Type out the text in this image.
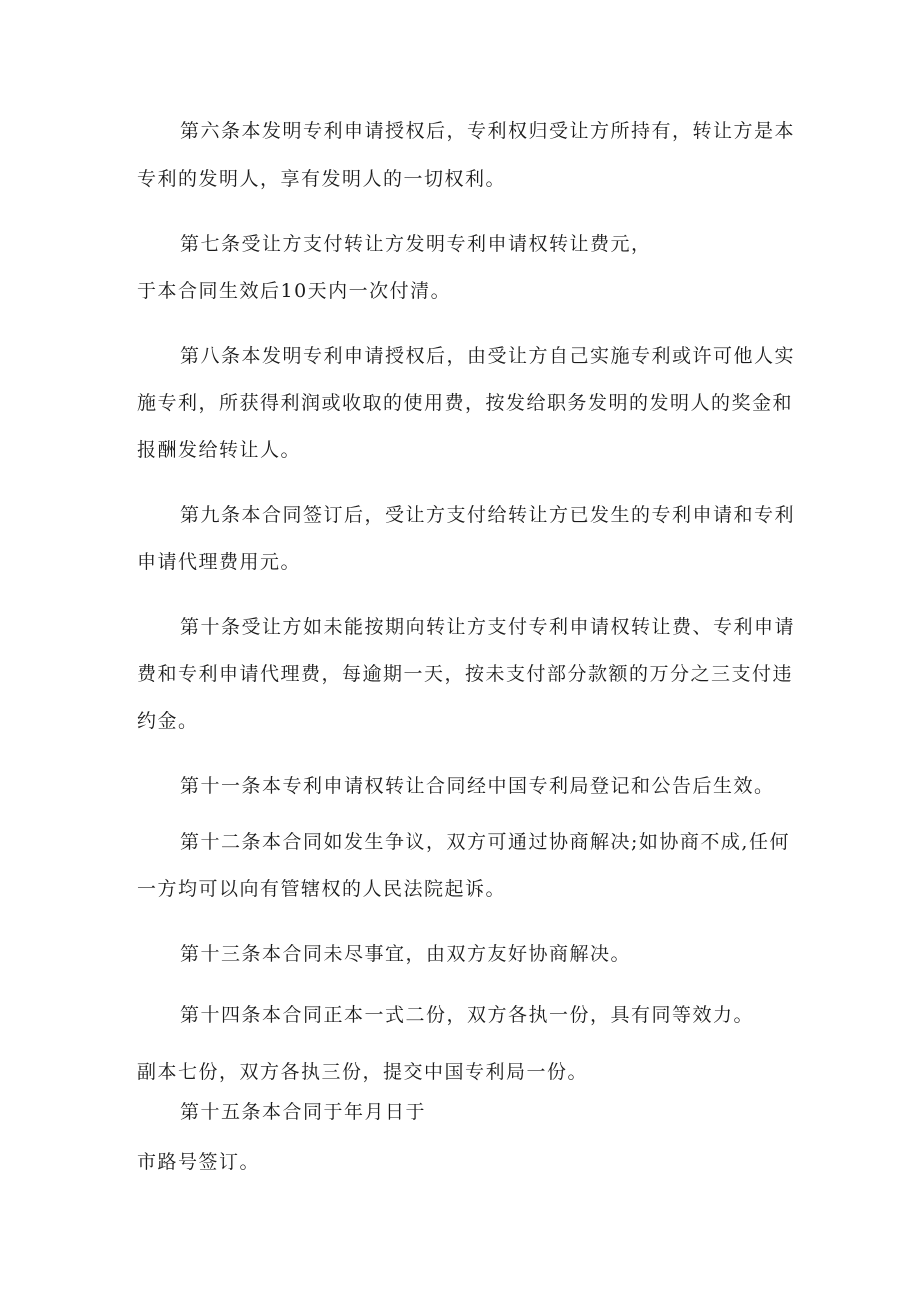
第六条本发明专利申请授权后，专利权归受让方所持有，转让方是本
专利的发明人，享有发明人的一切权利。
第七条受让方支付转让方发明专利申请权转让费元，
于本合同生效后10天内一次付清。
第八条本发明专利申请授权后，由受让方自己实施专利或许可他人实
施专利，所获得利润或收取的使用费，按发给职务发明的发明人的奖金和
报酬发给转让人。
第九条本合同签订后，受让方支付给转让方已发生的专利申请和专利
申请代理费用元。
第十条受让方如未能按期向转让方支付专利申请权转让费、专利申请
费和专利申请代理费，每逾期一天，按未支付部分款额的万分之三支付违
约金。
第十一条本专利申请权转让合同经中国专利局登记和公告后生效。
第十二条本合同如发生争议，双方可通过协商解决;如协商不成,任何
一方均可以向有管辖权的人民法院起诉。
第十三条本合同未尽事宜，由双方友好协商解决。
第十四条本合同正本一式二份，双方各执一份，具有同等效力。
副本七份，双方各执三份，提交中国专利局一份。
第十五条本合同于年月日于
市路号签订。
